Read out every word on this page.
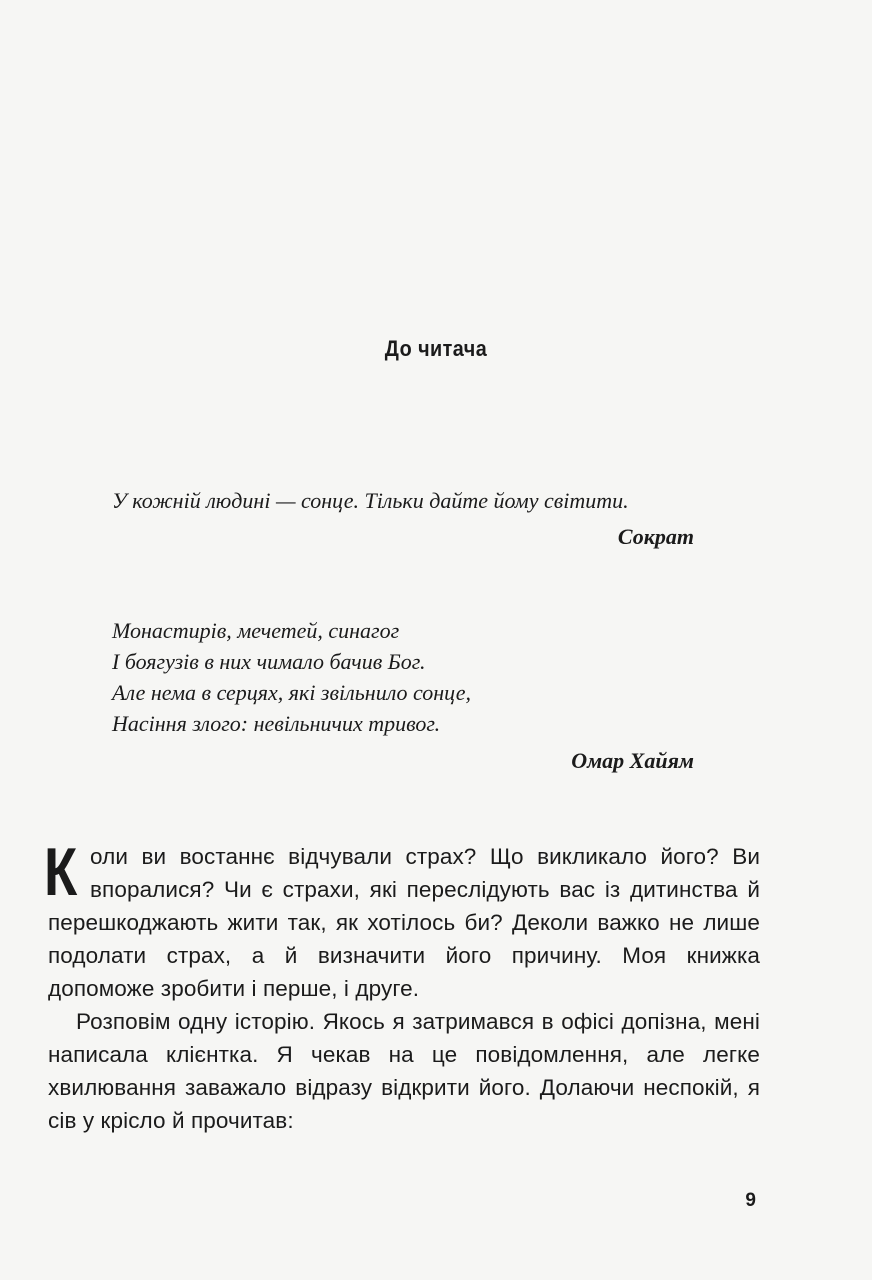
До читача
У кожній людині — сонце. Тільки дайте йому світити.
Сократ
Монастирів, мечетей, синагог
І боягузів в них чимало бачив Бог.
Але нема в серцях, які звільнило сонце,
Насіння злого: невільничих тривог.
Омар Хайям
Коли ви востаннє відчували страх? Що викликало його? Ви впоралися? Чи є страхи, які переслідують вас із дитинства й перешкоджають жити так, як хотілось би? Деколи важко не лише подолати страх, а й визначити його причину. Моя книжка допоможе зробити і перше, і друге.
Розповім одну історію. Якось я затримався в офісі допізна, мені написала клієнтка. Я чекав на це повідомлення, але легке хвилювання заважало відразу відкрити його. Долаючи неспокій, я сів у крісло й прочитав:
9
